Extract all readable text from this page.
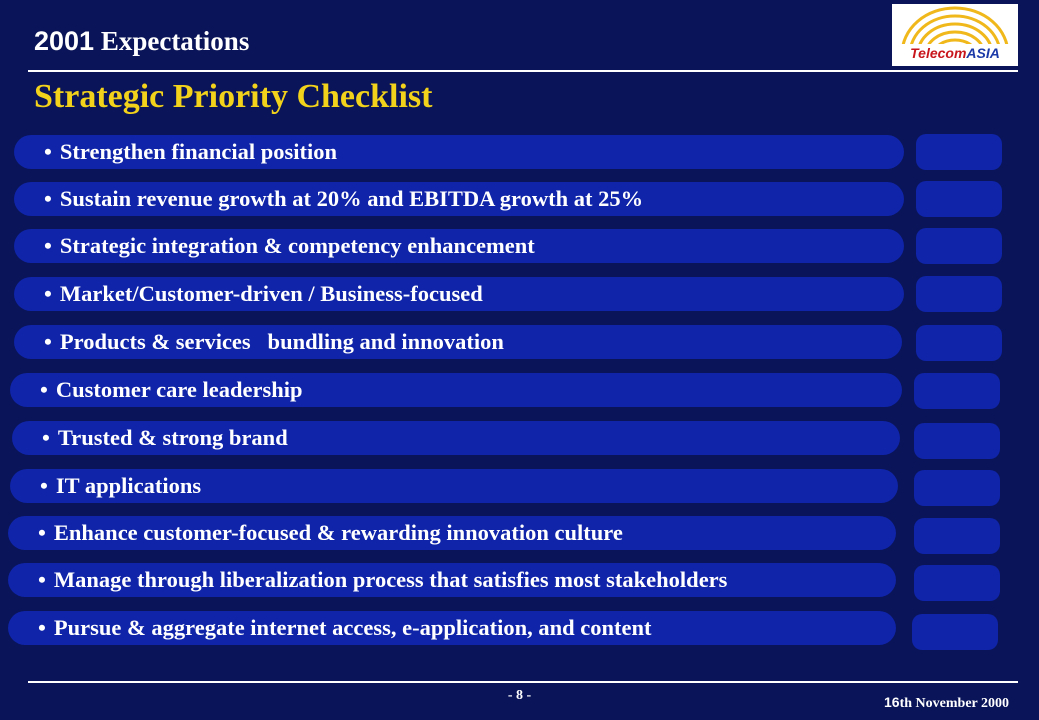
2001 Expectations	TelecomASIA
Strategic Priority Checklist
• Strengthen financial position
• Sustain revenue growth at 20% and EBITDA growth at 25%
• Strategic integration & competency enhancement
• Market/Customer-driven / Business-focused
• Products & services   bundling and innovation
• Customer care leadership
• Trusted & strong brand
• IT applications
• Enhance customer-focused & rewarding innovation culture
• Manage through liberalization process that satisfies most stakeholders
• Pursue & aggregate internet access, e-application, and content
- 8 -	16th November 2000
